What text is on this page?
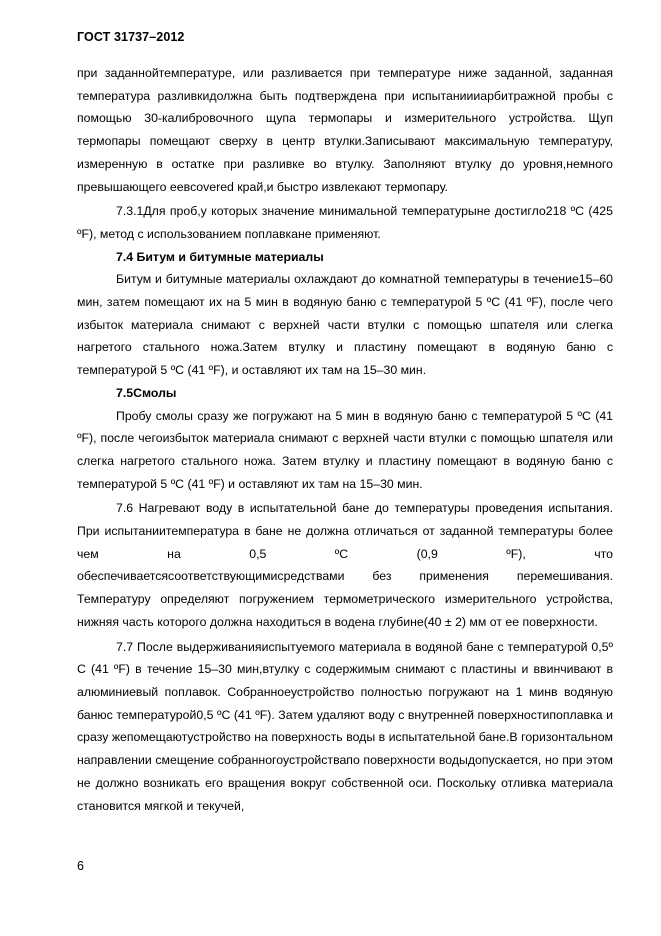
ГОСТ 31737–2012

при заданнойтемпературе, или разливается при температуре ниже заданной, заданная температура разливкидолжна быть подтверждена при испытаниииарбитражной пробы с помощью 30-калибровочного щупа термопары и измерительного устройства. Щуп термопары помещают сверху в центр втулки.Записывают максимальную температуру, измеренную в остатке при разливке во втулку. Заполняют втулку до уровня,немного превышающего еевcovered край,и быстро извлекают термопару.

7.3.1Для проб,у которых значение минимальной температурыне достигло218 ºC (425 ºF), метод с использованием поплавкане применяют.

7.4 Битум и битумные материалы

Битум и битумные материалы охлаждают до комнатной температуры в течение15–60 мин, затем помещают их на 5 мин в водяную баню с температурой 5 ºC (41 ºF), после чего избыток материала снимают с верхней части втулки с помощью шпателя или слегка нагретого стального ножа.Затем втулку и пластину помещают в водяную баню с температурой 5 ºC (41 ºF), и оставляют их там на 15–30 мин.

7.5Смолы

Пробу смолы сразу же погружают на 5 мин в водяную баню с температурой 5 ºC (41 ºF), после чегоизбыток материала снимают с верхней части втулки с помощью шпателя или слегка нагретого стального ножа. Затем втулку и пластину помещают в водяную баню с температурой 5 ºC (41 ºF) и оставляют их там на 15–30 мин.

7.6 Нагревают воду в испытательной бане до температуры проведения испытания. При испытаниитемпература в бане не должна отличаться от заданной температуры более чем на 0,5 ºC (0,9 ºF), что

обеспечиваетсясоответствующимисредствами без применения перемешивания. Температуру определяют погружением термометрического измерительного устройства, нижняя часть которого должна находиться в водена глубине(40 ± 2) мм от ее поверхности.

7.7 После выдерживанияиспытуемого материала в водяной бане с температурой 0,5º C (41 ºF) в течение 15–30 мин,втулку с содержимым снимают с пластины и ввинчивают в алюминиевый поплавок. Собранноеустройство полностью погружают на 1 минв водяную банюс температурой0,5 ºC (41 ºF). Затем удаляют воду с внутренней поверхностипоплавка и сразу жепомещаютустройство на поверхность воды в испытательной бане.В горизонтальном направлении смещение собранногоустройствапо поверхности водыдопускается, но при этом не должно возникать его вращения вокруг собственной оси. Поскольку отливка материала становится мягкой и текучей,

6
